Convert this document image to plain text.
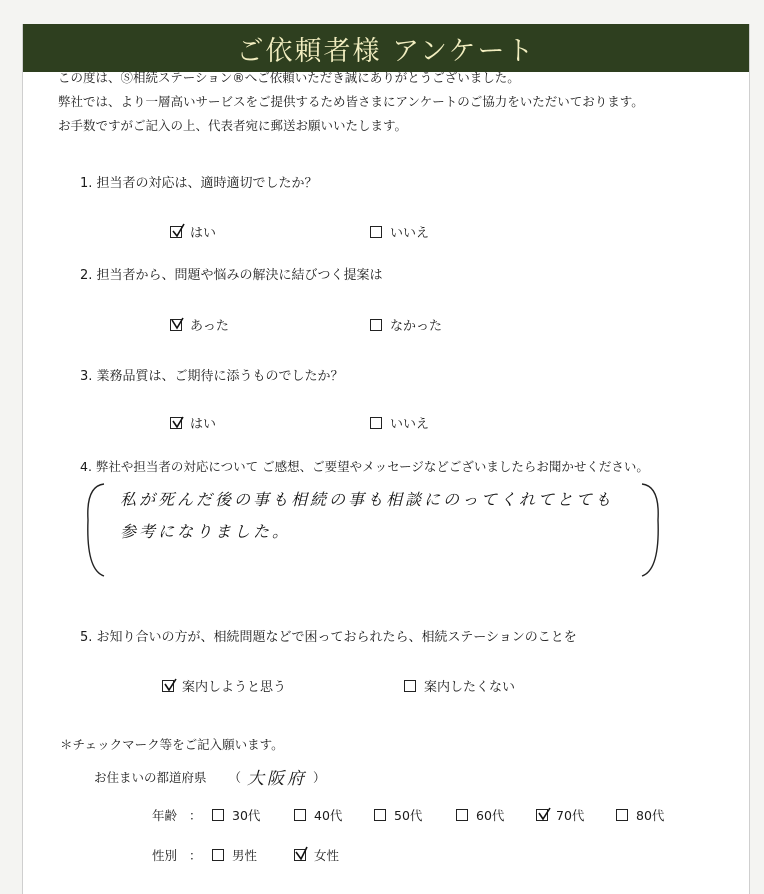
ご依頼者様 アンケート
この度は、Ⓢ相続ステーション®へご依頼いただき誠にありがとうございました。
弊社では、より一層高いサービスをご提供するため皆さまにアンケートのご協力をいただいております。
お手数ですがご記入の上、代表者宛に郵送お願いいたします。
1. 担当者の対応は、適時適切でしたか？
はい	いいえ
2. 担当者から、問題や悩みの解決に結びつく提案は
あった	なかった
3. 業務品質は、ご期待に添うものでしたか？
はい	いいえ
4. 弊社や担当者の対応について ご感想、ご要望やメッセージなどございましたらお聞かせください。
私が死んだ後の事も相続の事も相談にのってくれてとても
参考になりました。
5. お知り合いの方が、相続問題などで困っておられたら、相続ステーションのことを
案内しようと思う	案内したくない
＊チェックマーク等をご記入願います。
お住まいの都道府県 （ 大阪府 ）
年齢 ： 30代	40代	50代	60代	70代	80代
性別 ： 男性	女性
